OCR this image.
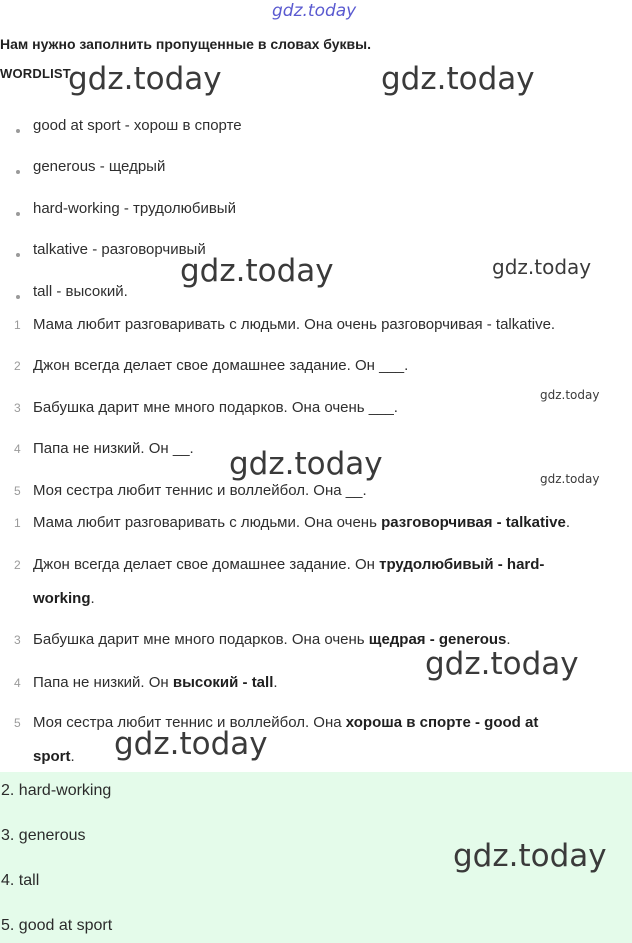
gdz.today
Нам нужно заполнить пропущенные в словах буквы.
WORDLIST
gdz.today	gdz.today
good at sport - хорош в спорте
generous - щедрый
hard-working - трудолюбивый
talkative - разговорчивый
tall - высокий.
gdz.today	gdz.today
1 Мама любит разговаривать с людьми. Она очень разговорчивая - talkative.
2 Джон всегда делает свое домашнее задание. Он ___.
3 Бабушка дарит мне много подарков. Она очень ___.
4 Папа не низкий. Он __.
5 Моя сестра любит теннис и воллейбол. Она __.
gdz.today
gdz.today	gdz.today
1 Мама любит разговаривать с людьми. Она очень разговорчивая - talkative.
2 Джон всегда делает свое домашнее задание. Он трудолюбивый - hard-
working.
3 Бабушка дарит мне много подарков. Она очень щедрая - generous.
4 Папа не низкий. Он высокий - tall.
5 Моя сестра любит теннис и воллейбол. Она хороша в спорте - good at
sport.
gdz.today
gdz.today
2. hard-working
3. generous
4. tall
5. good at sport
gdz.today
